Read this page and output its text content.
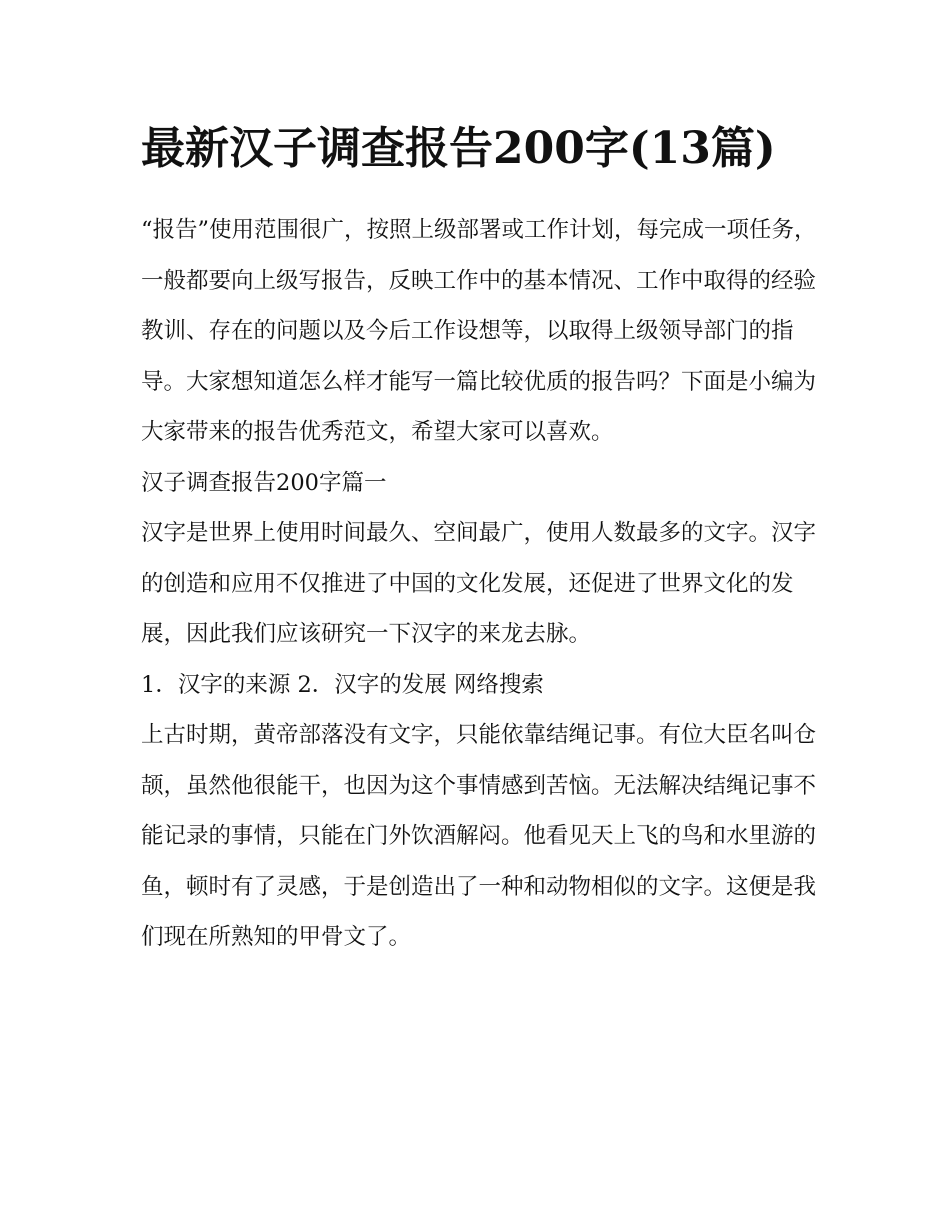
最新汉子调查报告200字(13篇)

“报告”使用范围很广，按照上级部署或工作计划，每完成一项任务，一般都要向上级写报告，反映工作中的基本情况、工作中取得的经验教训、存在的问题以及今后工作设想等，以取得上级领导部门的指导。大家想知道怎么样才能写一篇比较优质的报告吗？下面是小编为大家带来的报告优秀范文，希望大家可以喜欢。

汉子调查报告200字篇一

汉字是世界上使用时间最久、空间最广，使用人数最多的文字。汉字的创造和应用不仅推进了中国的文化发展，还促进了世界文化的发展，因此我们应该研究一下汉字的来龙去脉。

1．汉字的来源 2．汉字的发展 网络搜索

上古时期，黄帝部落没有文字，只能依靠结绳记事。有位大臣名叫仓颉，虽然他很能干，也因为这个事情感到苦恼。无法解决结绳记事不能记录的事情，只能在门外饮酒解闷。他看见天上飞的鸟和水里游的鱼，顿时有了灵感，于是创造出了一种和动物相似的文字。这便是我们现在所熟知的甲骨文了。
